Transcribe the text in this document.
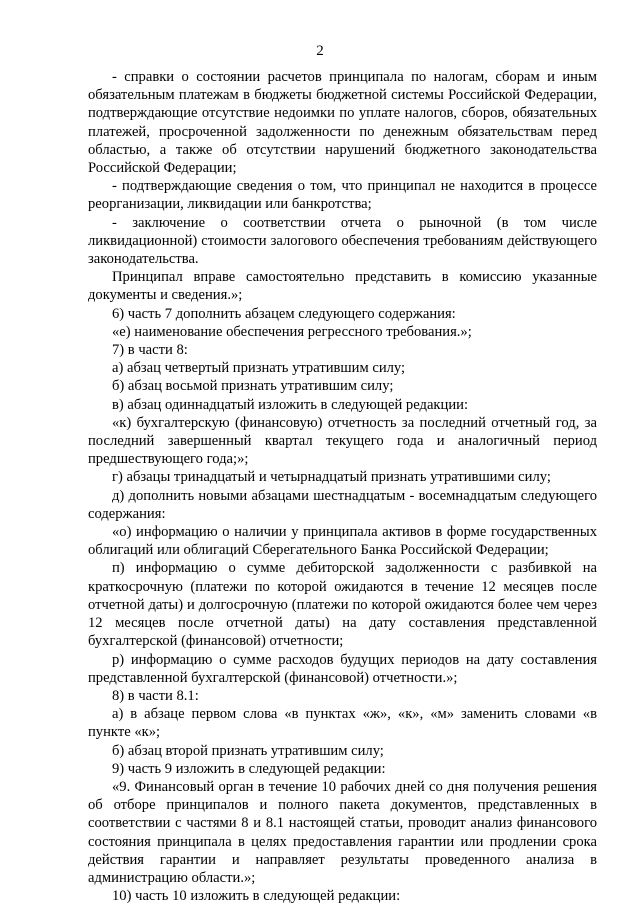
2

- справки о состоянии расчетов принципала по налогам, сборам и иным обязательным платежам в бюджеты бюджетной системы Российской Федерации, подтверждающие отсутствие недоимки по уплате налогов, сборов, обязательных платежей, просроченной задолженности по денежным обязательствам перед областью, а также об отсутствии нарушений бюджетного законодательства Российской Федерации;

- подтверждающие сведения о том, что принципал не находится в процессе реорганизации, ликвидации или банкротства;

- заключение о соответствии отчета о рыночной (в том числе ликвидационной) стоимости залогового обеспечения требованиям действующего законодательства.

Принципал вправе самостоятельно представить в комиссию указанные документы и сведения.»;

6) часть 7 дополнить абзацем следующего содержания:

«е) наименование обеспечения регрессного требования.»;

7) в части 8:

а) абзац четвертый признать утратившим силу;

б) абзац восьмой признать утратившим силу;

в) абзац одиннадцатый изложить в следующей редакции:

«к) бухгалтерскую (финансовую) отчетность за последний отчетный год, за последний завершенный квартал текущего года и аналогичный период предшествующего года;»;

г) абзацы тринадцатый и четырнадцатый признать утратившими силу;

д) дополнить новыми абзацами шестнадцатым - восемнадцатым следующего содержания:

«о) информацию о наличии у принципала активов в форме государственных облигаций или облигаций Сберегательного Банка Российской Федерации;

п) информацию о сумме дебиторской задолженности с разбивкой на краткосрочную (платежи по которой ожидаются в течение 12 месяцев после отчетной даты) и долгосрочную (платежи по которой ожидаются более чем через 12 месяцев после отчетной даты) на дату составления представленной бухгалтерской (финансовой) отчетности;

р) информацию о сумме расходов будущих периодов на дату составления представленной бухгалтерской (финансовой) отчетности.»;

8) в части 8.1:

а) в абзаце первом слова «в пунктах «ж», «к», «м» заменить словами «в пункте «к»;

б) абзац второй признать утратившим силу;

9) часть 9 изложить в следующей редакции:

«9. Финансовый орган в течение 10 рабочих дней со дня получения решения об отборе принципалов и полного пакета документов, представленных в соответствии с частями 8 и 8.1 настоящей статьи, проводит анализ финансового состояния принципала в целях предоставления гарантии или продлении срока действия гарантии и направляет результаты проведенного анализа в администрацию области.»;

10) часть 10 изложить в следующей редакции:
